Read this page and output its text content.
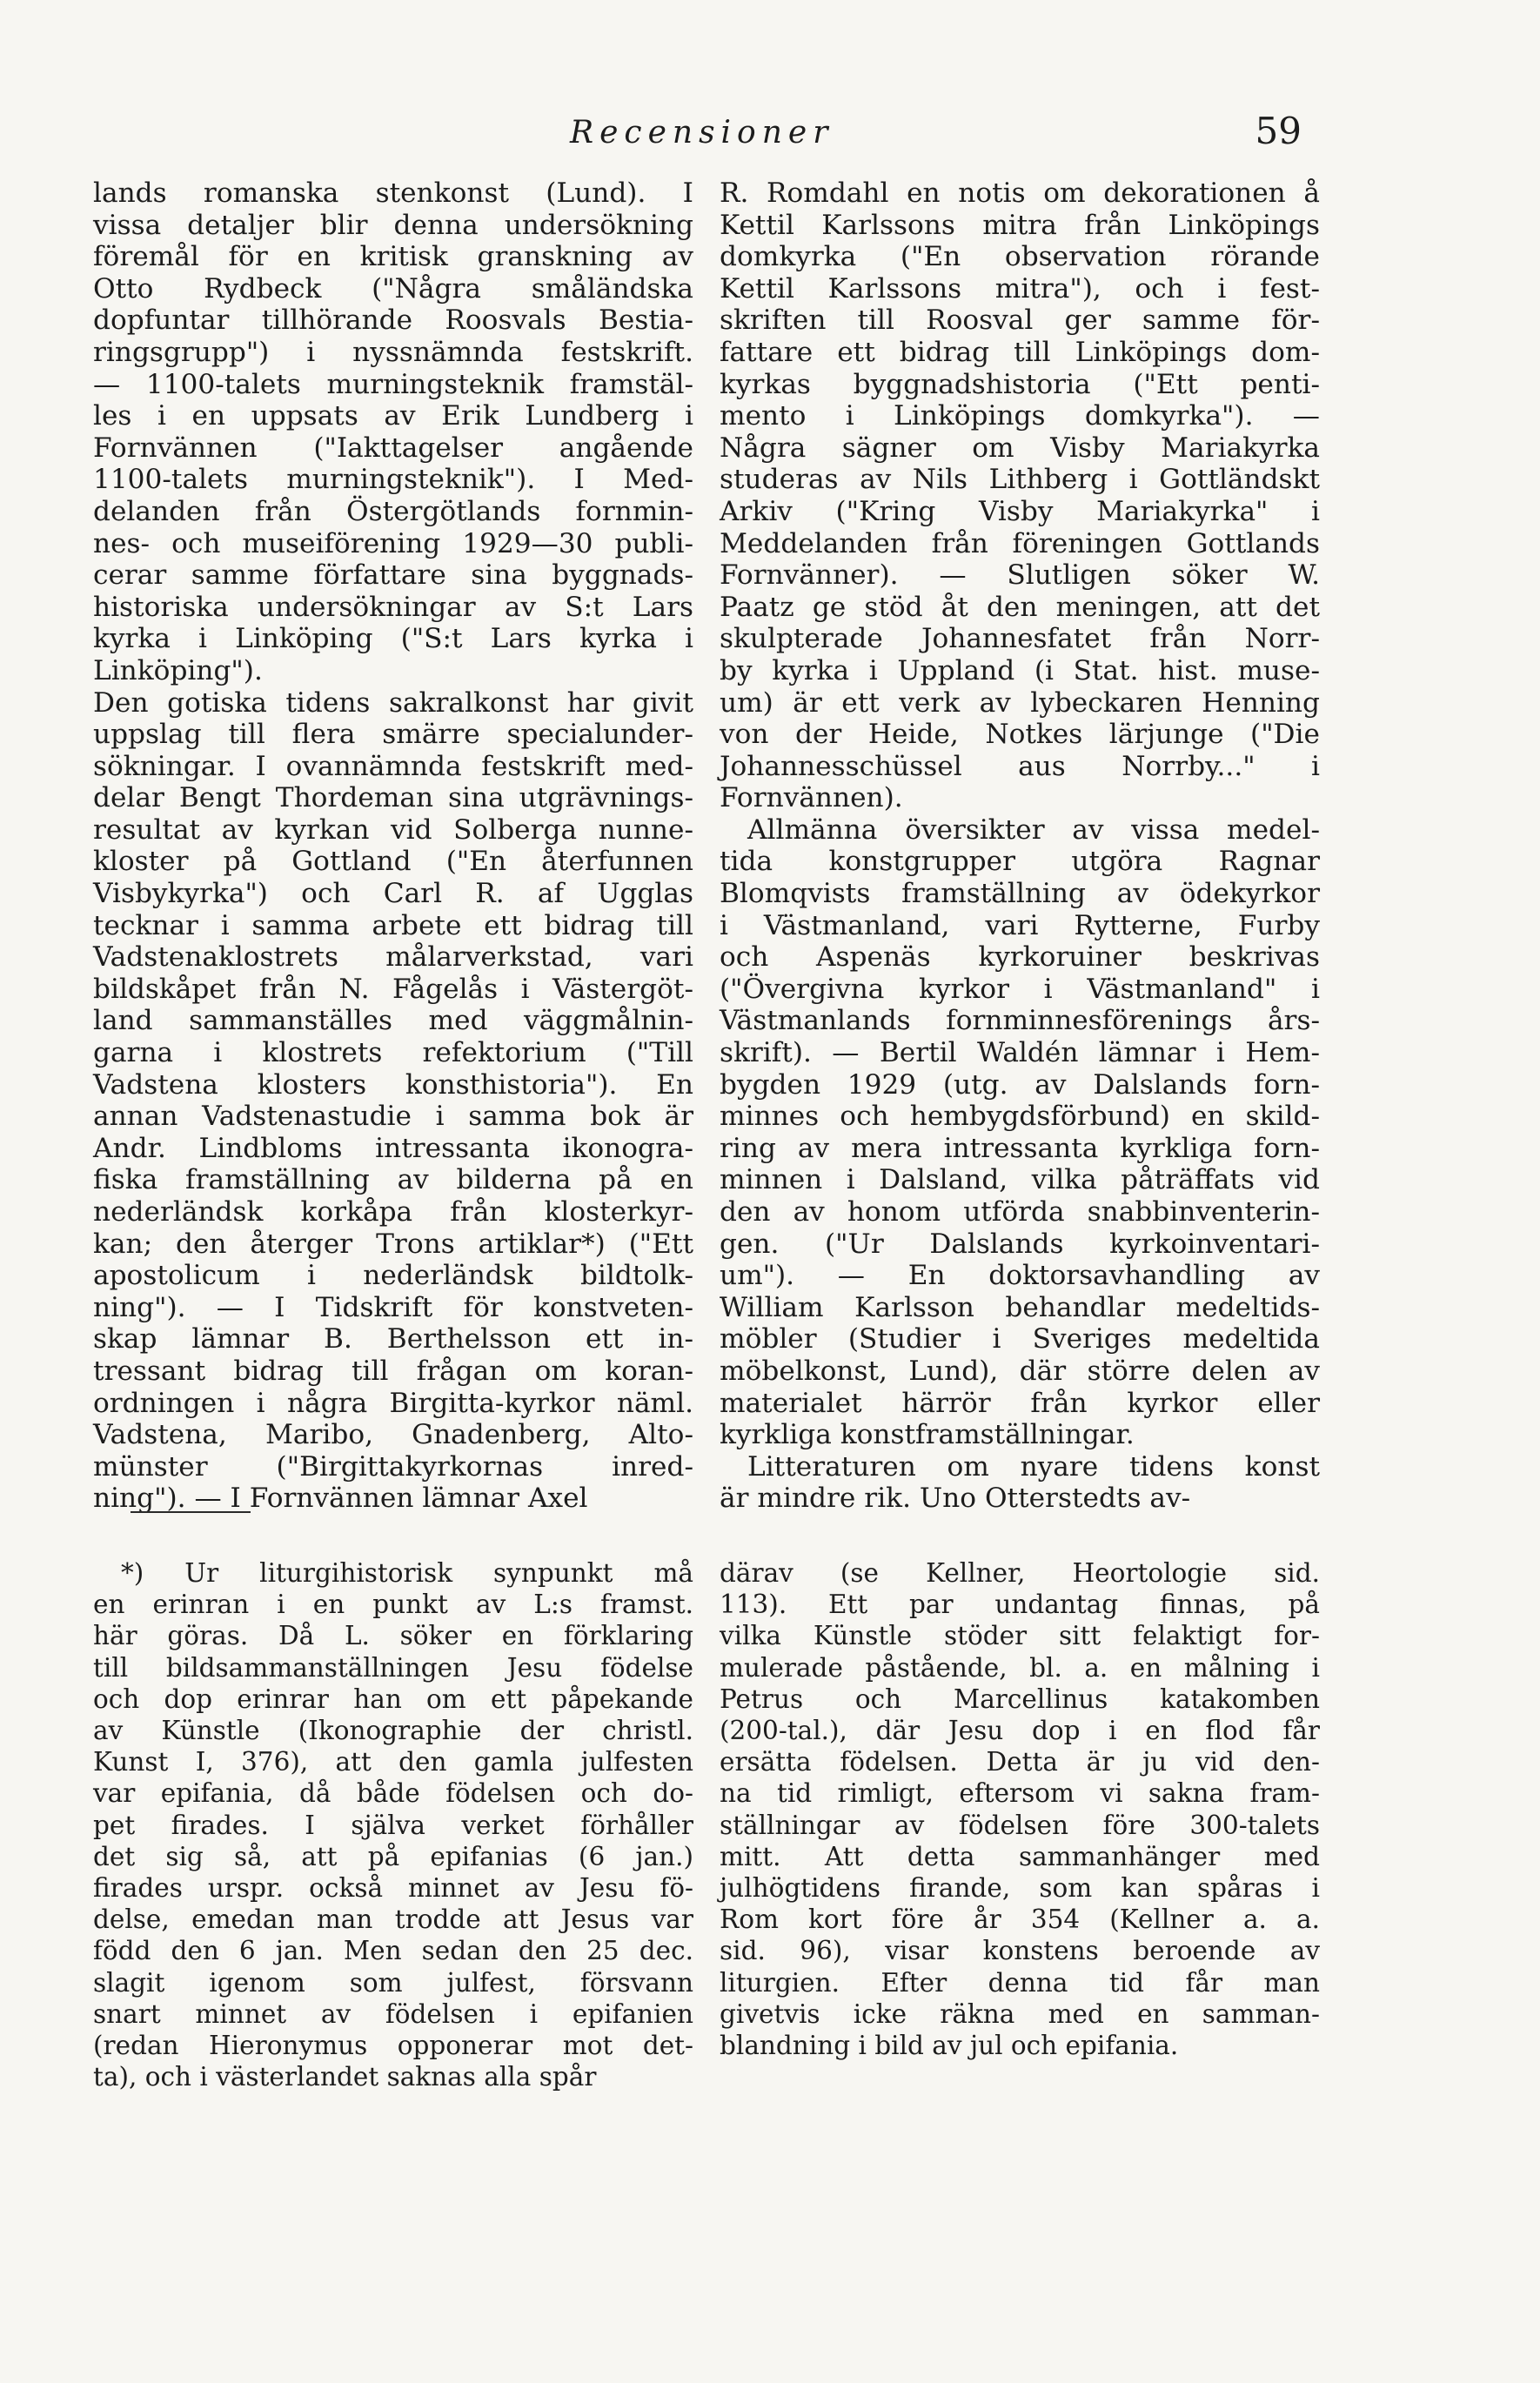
Recensioner	59
lands romanska stenkonst (Lund). I
vissa detaljer blir denna undersökning
föremål för en kritisk granskning av
Otto Rydbeck ("Några småländska
dopfuntar tillhörande Roosvals Bestia-
ringsgrupp") i nyssnämnda festskrift.
— 1100-talets murningsteknik framstäl-
les i en uppsats av Erik Lundberg i
Fornvännen ("Iakttagelser angående
1100-talets murningsteknik"). I Med-
delanden från Östergötlands fornmin-
nes- och museiförening 1929—30 publi-
cerar samme författare sina byggnads-
historiska undersökningar av S:t Lars
kyrka i Linköping ("S:t Lars kyrka i
Linköping").
Den gotiska tidens sakralkonst har givit
uppslag till flera smärre specialunder-
sökningar. I ovannämnda festskrift med-
delar Bengt Thordeman sina utgrävnings-
resultat av kyrkan vid Solberga nunne-
kloster på Gottland ("En återfunnen
Visbykyrka") och Carl R. af Ugglas
tecknar i samma arbete ett bidrag till
Vadstenaklostrets målarverkstad, vari
bildskåpet från N. Fågelås i Västergöt-
land sammanställes med väggmålnin-
garna i klostrets refektorium ("Till
Vadstena klosters konsthistoria"). En
annan Vadstenastudie i samma bok är
Andr. Lindbloms intressanta ikonogra-
fiska framställning av bilderna på en
nederländsk korkåpa från klosterkyr-
kan; den återger Trons artiklar*) ("Ett
apostolicum i nederländsk bildtolk-
ning"). — I Tidskrift för konstveten-
skap lämnar B. Berthelsson ett in-
tressant bidrag till frågan om koran-
ordningen i några Birgitta-kyrkor näml.
Vadstena, Maribo, Gnadenberg, Alto-
münster ("Birgittakyrkornas inred-
ning"). — I Fornvännen lämnar Axel
R. Romdahl en notis om dekorationen å
Kettil Karlssons mitra från Linköpings
domkyrka ("En observation rörande
Kettil Karlssons mitra"), och i fest-
skriften till Roosval ger samme för-
fattare ett bidrag till Linköpings dom-
kyrkas byggnadshistoria ("Ett penti-
mento i Linköpings domkyrka"). —
Några sägner om Visby Mariakyrka
studeras av Nils Lithberg i Gottländskt
Arkiv ("Kring Visby Mariakyrka" i
Meddelanden från föreningen Gottlands
Fornvänner). — Slutligen söker W.
Paatz ge stöd åt den meningen, att det
skulpterade Johannesfatet från Norr-
by kyrka i Uppland (i Stat. hist. muse-
um) är ett verk av lybeckaren Henning
von der Heide, Notkes lärjunge ("Die
Johannesschüssel aus Norrby..." i
Fornvännen).
Allmänna översikter av vissa medel-
tida konstgrupper utgöra Ragnar
Blomqvists framställning av ödekyrkor
i Västmanland, vari Rytterne, Furby
och Aspenäs kyrkoruiner beskrivas
("Övergivna kyrkor i Västmanland" i
Västmanlands fornminnesförenings års-
skrift). — Bertil Waldén lämnar i Hem-
bygden 1929 (utg. av Dalslands forn-
minnes och hembygdsförbund) en skild-
ring av mera intressanta kyrkliga forn-
minnen i Dalsland, vilka påträffats vid
den av honom utförda snabbinventerin-
gen. ("Ur Dalslands kyrkoinventari-
um"). — En doktorsavhandling av
William Karlsson behandlar medeltids-
möbler (Studier i Sveriges medeltida
möbelkonst, Lund), där större delen av
materialet härrör från kyrkor eller
kyrkliga konstframställningar.
Litteraturen om nyare tidens konst
är mindre rik. Uno Otterstedts av-
*) Ur liturgihistorisk synpunkt må
en erinran i en punkt av L:s framst.
här göras. Då L. söker en förklaring
till bildsammanställningen Jesu födelse
och dop erinrar han om ett påpekande
av Künstle (Ikonographie der christl.
Kunst I, 376), att den gamla julfesten
var epifania, då både födelsen och do-
pet firades. I själva verket förhåller
det sig så, att på epifanias (6 jan.)
firades urspr. också minnet av Jesu fö-
delse, emedan man trodde att Jesus var
född den 6 jan. Men sedan den 25 dec.
slagit igenom som julfest, försvann
snart minnet av födelsen i epifanien
(redan Hieronymus opponerar mot det-
ta), och i västerlandet saknas alla spår
därav (se Kellner, Heortologie sid.
113). Ett par undantag finnas, på
vilka Künstle stöder sitt felaktigt for-
mulerade påstående, bl. a. en målning i
Petrus och Marcellinus katakomben
(200-tal.), där Jesu dop i en flod får
ersätta födelsen. Detta är ju vid den-
na tid rimligt, eftersom vi sakna fram-
ställningar av födelsen före 300-talets
mitt. Att detta sammanhänger med
julhögtidens firande, som kan spåras i
Rom kort före år 354 (Kellner a. a.
sid. 96), visar konstens beroende av
liturgien. Efter denna tid får man
givetvis icke räkna med en samman-
blandning i bild av jul och epifania.
